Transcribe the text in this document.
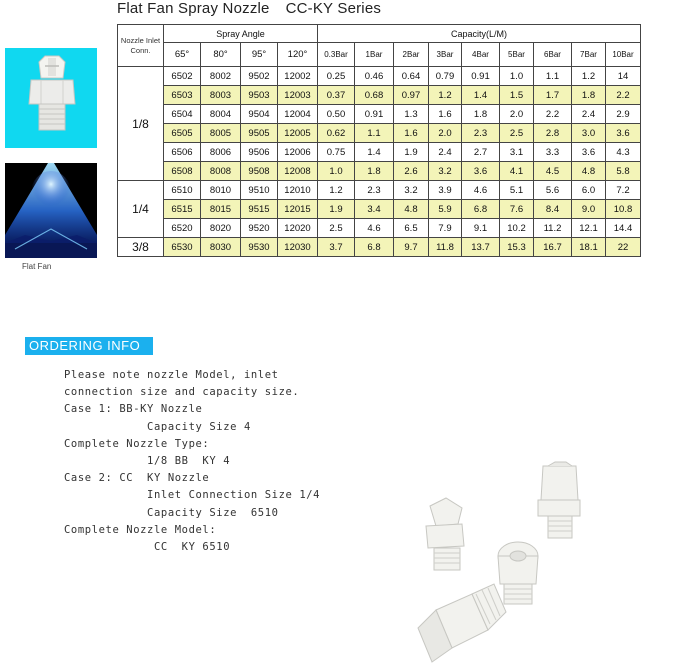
Flat Fan Spray Nozzle CC-KY Series
Flat Fan
Nozzle Inlet Conn.	Spray Angle				Capacity(L/M)								
	65°	80°	95°	120°	0.3Bar	1Bar	2Bar	3Bar	4Bar	5Bar	6Bar	7Bar	10Bar
1/8	6502	8002	9502	12002	0.25	0.46	0.64	0.79	0.91	1.0	1.1	1.2	14
	6503	8003	9503	12003	0.37	0.68	0.97	1.2	1.4	1.5	1.7	1.8	2.2
	6504	8004	9504	12004	0.50	0.91	1.3	1.6	1.8	2.0	2.2	2.4	2.9
	6505	8005	9505	12005	0.62	1.1	1.6	2.0	2.3	2.5	2.8	3.0	3.6
	6506	8006	9506	12006	0.75	1.4	1.9	2.4	2.7	3.1	3.3	3.6	4.3
	6508	8008	9508	12008	1.0	1.8	2.6	3.2	3.6	4.1	4.5	4.8	5.8
1/4	6510	8010	9510	12010	1.2	2.3	3.2	3.9	4.6	5.1	5.6	6.0	7.2
	6515	8015	9515	12015	1.9	3.4	4.8	5.9	6.8	7.6	8.4	9.0	10.8
	6520	8020	9520	12020	2.5	4.6	6.5	7.9	9.1	10.2	11.2	12.1	14.4
3/8	6530	8030	9530	12030	3.7	6.8	9.7	11.8	13.7	15.3	16.7	18.1	22
ORDERING INFO
Please note nozzle Model, inlet
connection size and capacity size.
Case 1: BB-KY Nozzle
Capacity Size 4
Complete Nozzle Type:
1/8 BB  KY 4
Case 2: CC  KY Nozzle
Inlet Connection Size 1/4
Capacity Size  6510
Complete Nozzle Model:
CC  KY 6510
